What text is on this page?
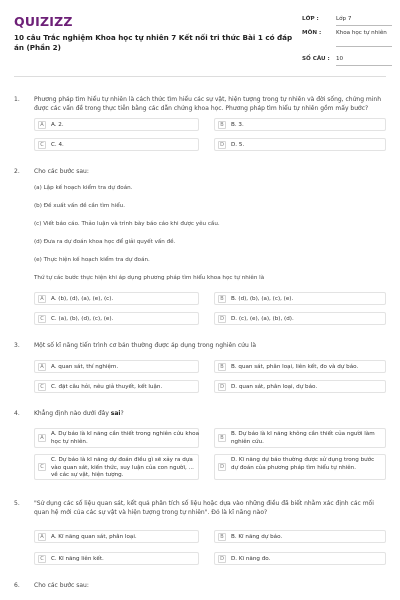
QUIZIZZ
10 câu Trắc nghiệm Khoa học tự nhiên 7 Kết nối tri thức Bài 1 có đáp án (Phần 2)
LỚP :	Lớp 7
MÔN :	Khoa học tự nhiên
SỐ CÂU :	10
1. Phương pháp tìm hiểu tự nhiên là cách thức tìm hiểu các sự vật, hiện tượng trong tự nhiên và đời sống, chứng minh được các vấn đề trong thực tiễn bằng các dẫn chứng khoa học. Phương pháp tìm hiểu tự nhiên gồm mấy bước?
A	A. 2.	B	B. 3.
C	C. 4.	D	D. 5.
2. Cho các bước sau:
(a) Lập kế hoạch kiểm tra dự đoán.
(b) Đề xuất vấn đề cần tìm hiểu.
(c) Viết báo cáo. Thảo luận và trình bày báo cáo khi được yêu cầu.
(d) Đưa ra dự đoán khoa học để giải quyết vấn đề.
(e) Thực hiện kế hoạch kiểm tra dự đoán.
Thứ tự các bước thực hiện khi áp dụng phương pháp tìm hiểu khoa học tự nhiên là
A	A. (b), (d), (a), (e), (c).	B	B. (d), (b), (a), (c), (e).
C	C. (a), (b), (d), (c), (e).	D	D. (c), (e), (a), (b), (d).
3. Một số kĩ năng tiến trình cơ bản thường được áp dụng trong nghiên cứu là
A	A. quan sát, thí nghiệm.	B	B. quan sát, phân loại, liên kết, đo và dự báo.
C	C. đặt câu hỏi, nêu giả thuyết, kết luận.	D	D. quan sát, phân loại, dự báo.
4. Khẳng định nào dưới đây sai?
A
A. Dự báo là kĩ năng cần thiết trong nghiên cứu khoa học tự nhiên.
B
B. Dự báo là kĩ năng không cần thiết của người làm nghiên cứu.
C
C. Dự báo là kĩ năng dự đoán điều gì sẽ xảy ra dựa vào quan sát, kiến thức, suy luận của con người, ... về các sự vật, hiện tượng.
D
D. Kĩ năng dự báo thường được sử dụng trong bước dự đoán của phương pháp tìm hiểu tự nhiên.
5. "Sử dụng các số liệu quan sát, kết quả phân tích số liệu hoặc dựa vào những điều đã biết nhằm xác định các mối quan hệ mới của các sự vật và hiện tượng trong tự nhiên". Đó là kĩ năng nào?
A	A. Kĩ năng quan sát, phân loại.	B	B. Kĩ năng dự báo.
C	C. Kĩ năng liên kết.	D	D. Kĩ năng đo.
6. Cho các bước sau:
